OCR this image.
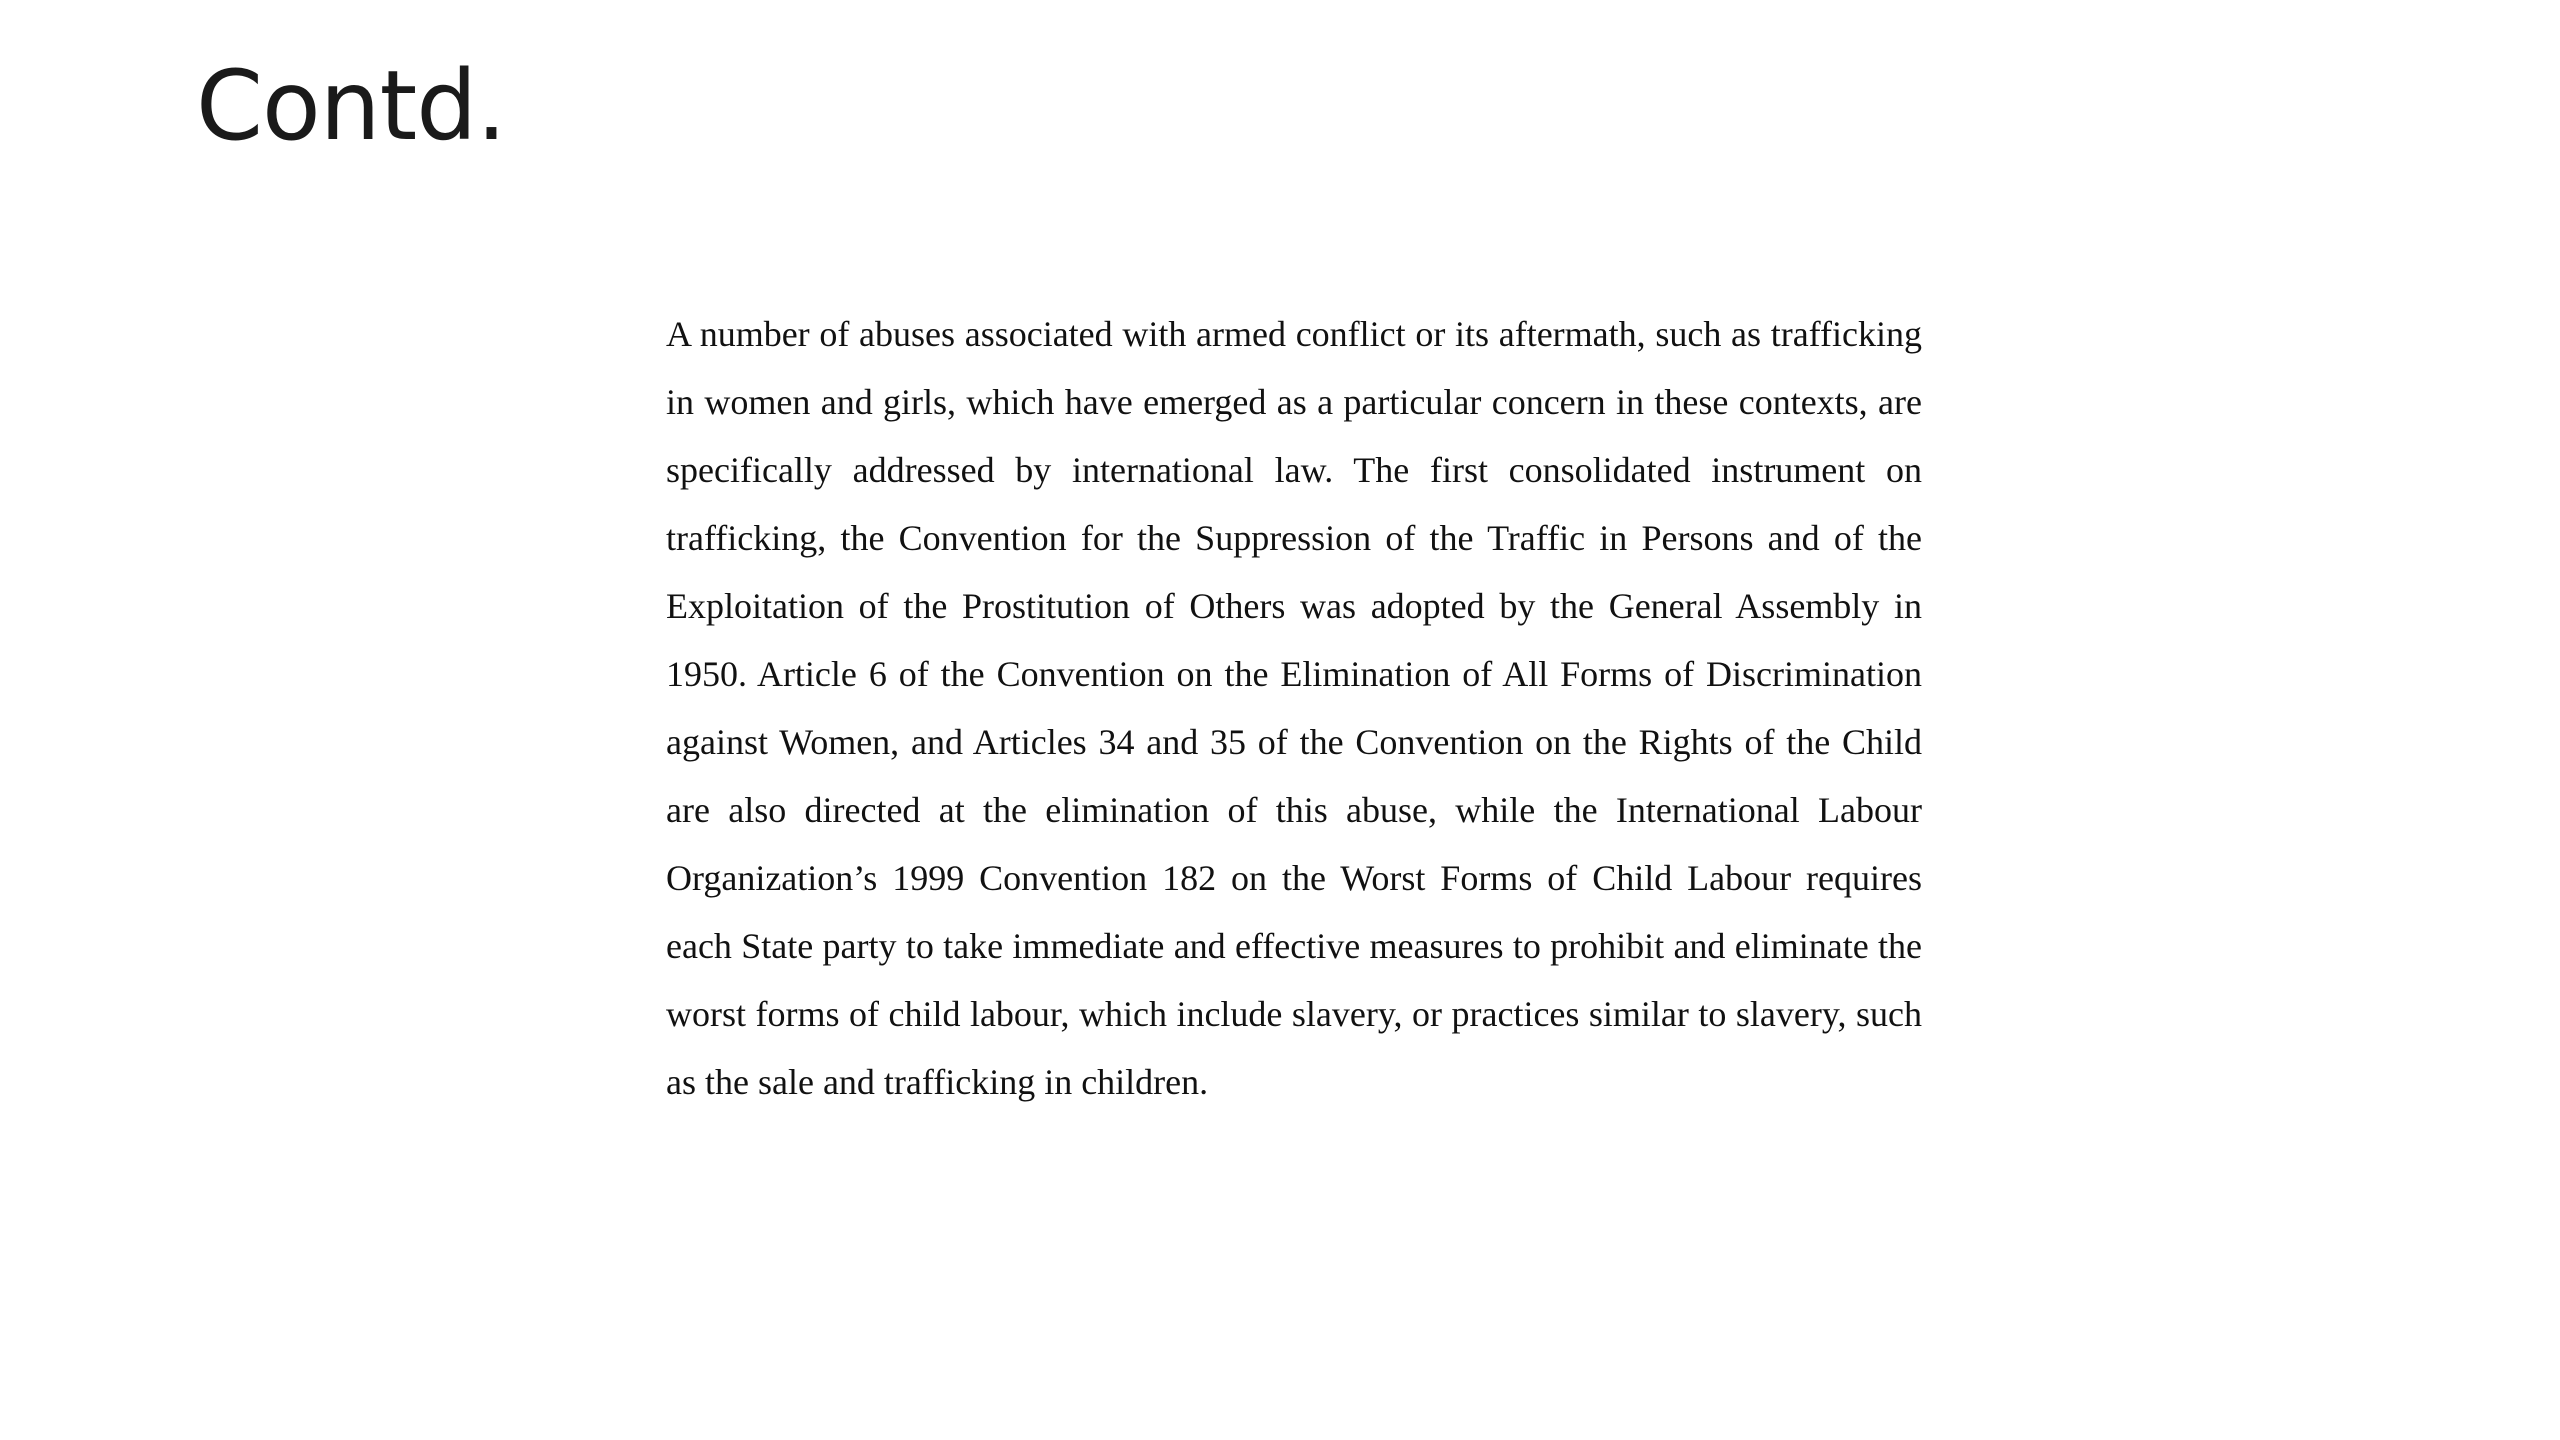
Contd.

A number of abuses associated with armed conflict or its aftermath, such as trafficking in women and girls, which have emerged as a particular concern in these contexts, are specifically addressed by international law. The first consolidated instrument on trafficking, the Convention for the Suppression of the Traffic in Persons and of the Exploitation of the Prostitution of Others was adopted by the General Assembly in 1950. Article 6 of the Convention on the Elimination of All Forms of Discrimination against Women, and Articles 34 and 35 of the Convention on the Rights of the Child are also directed at the elimination of this abuse, while the International Labour Organization’s 1999 Convention 182 on the Worst Forms of Child Labour requires each State party to take immediate and effective measures to prohibit and eliminate the worst forms of child labour, which include slavery, or practices similar to slavery, such as the sale and trafficking in children.
